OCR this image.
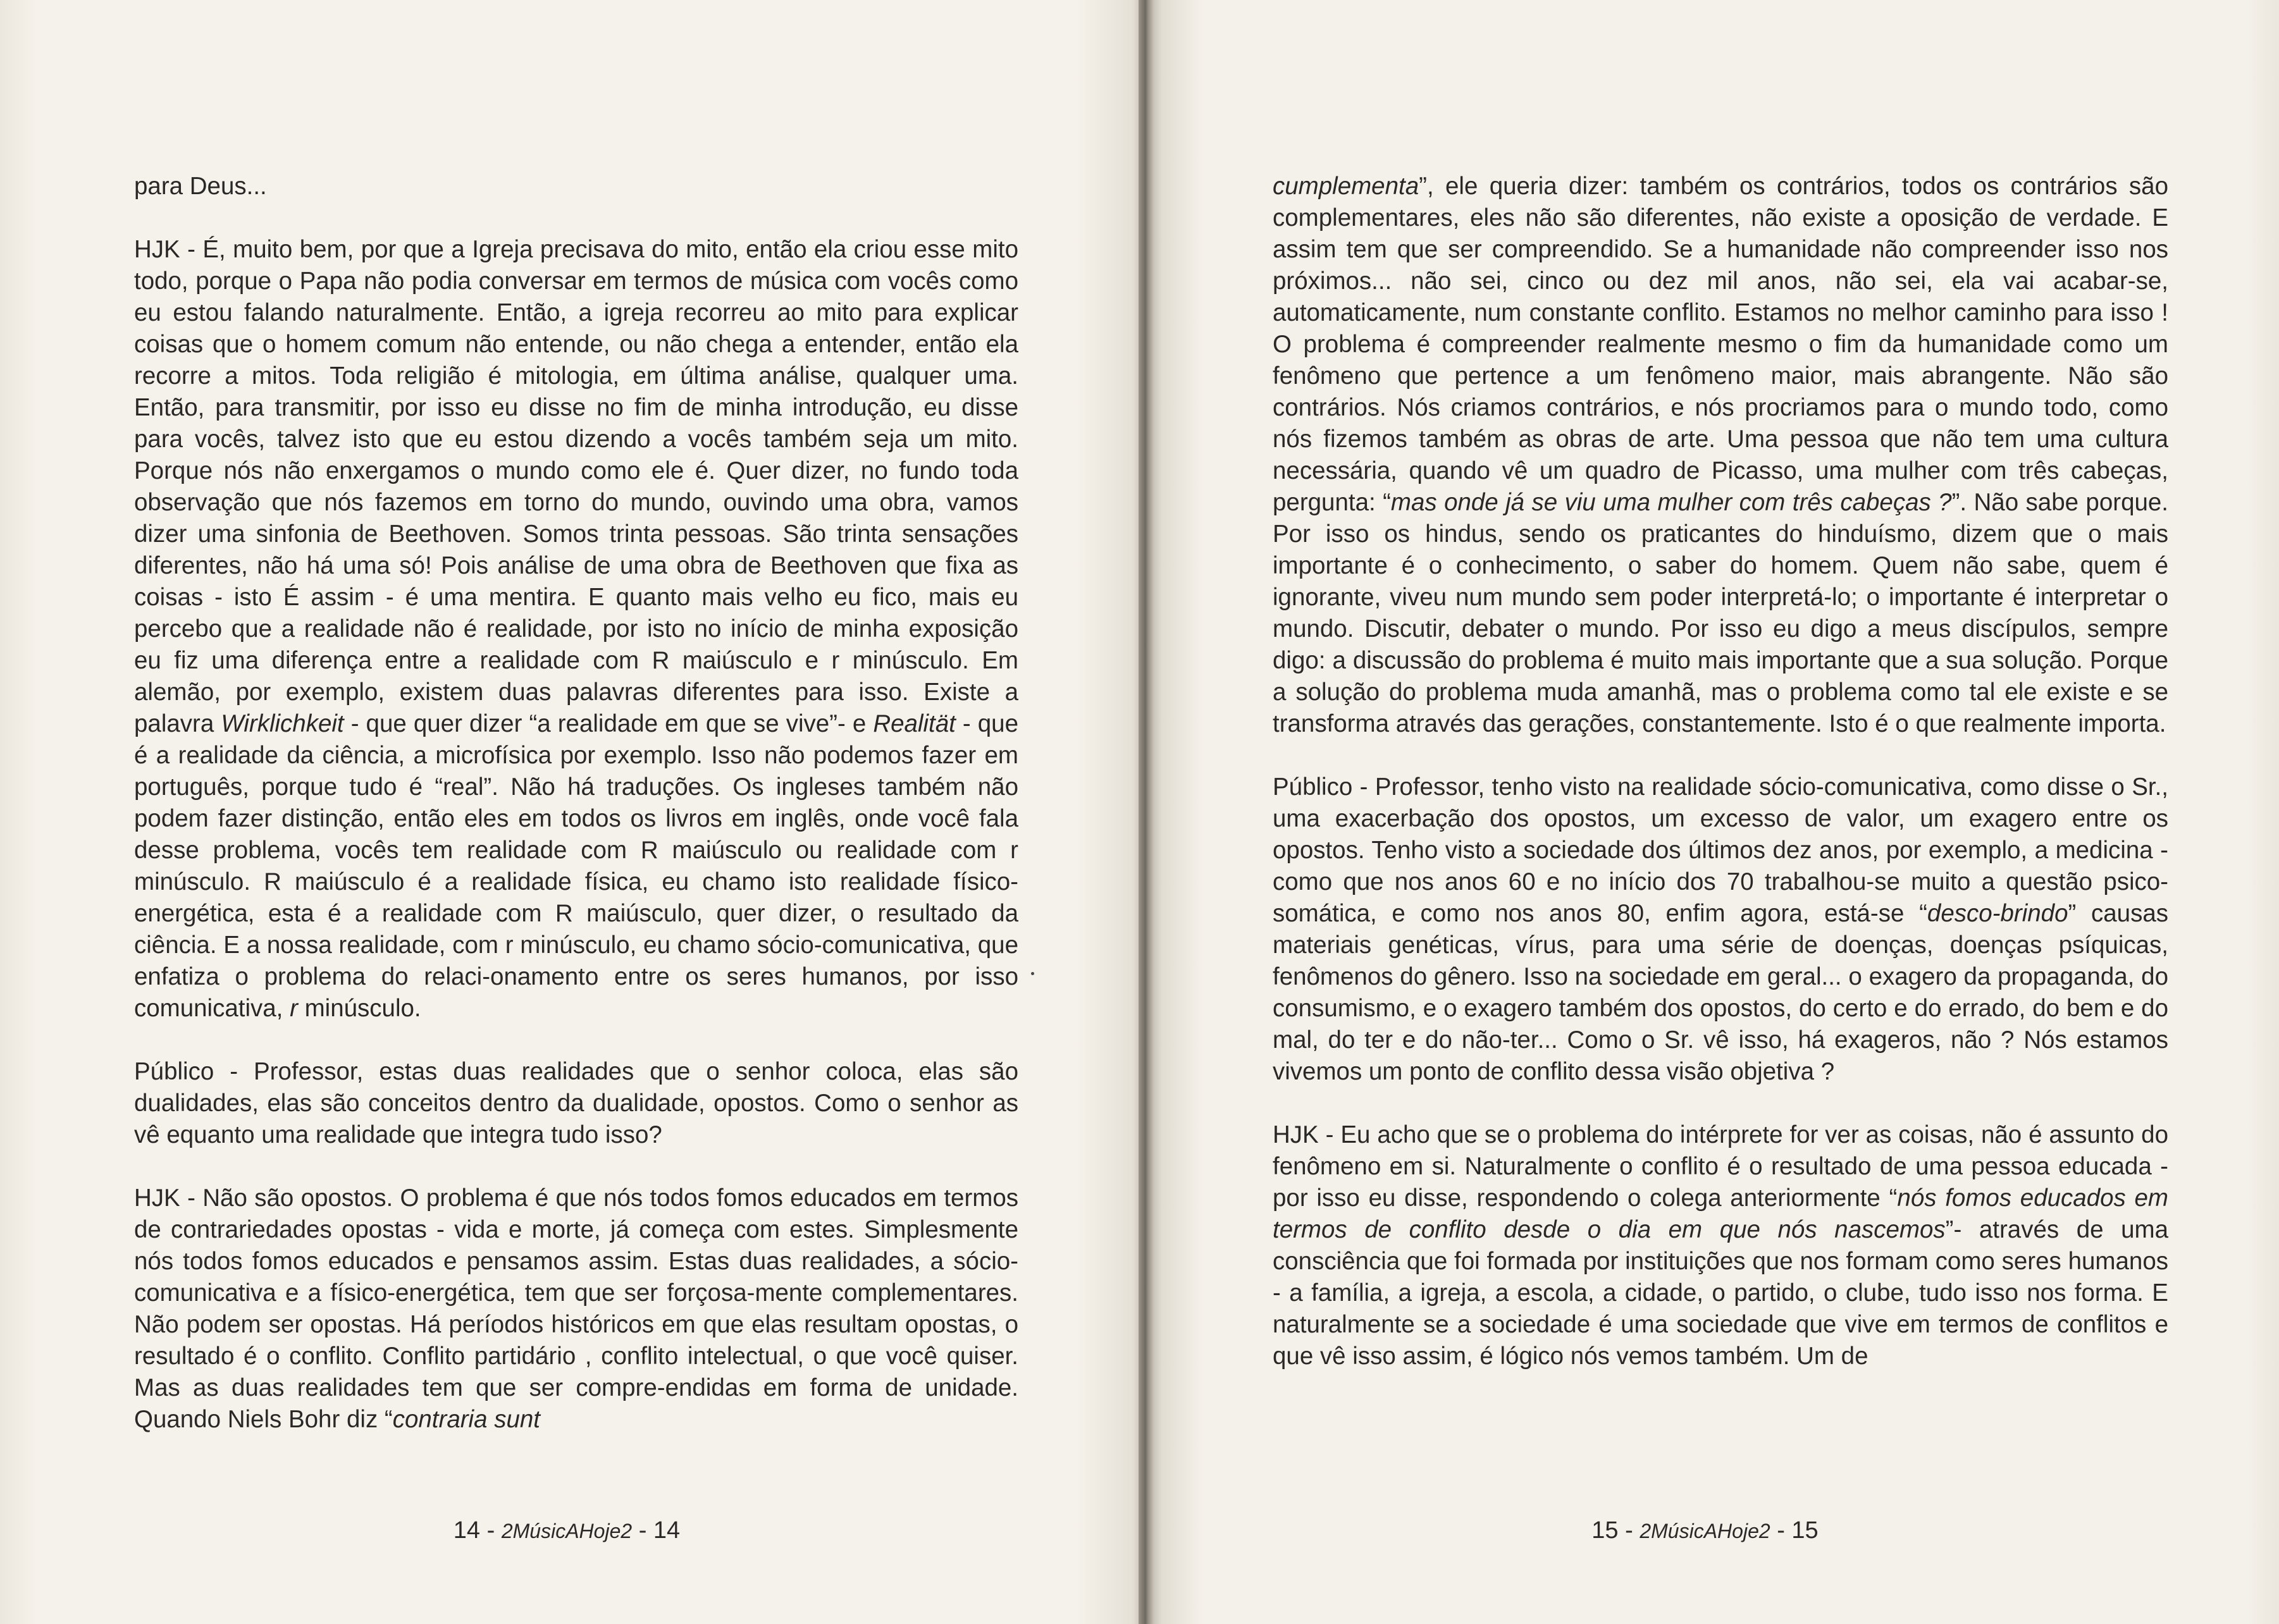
para Deus...

HJK - É, muito bem, por que a Igreja precisava do mito, então ela criou esse mito todo, porque o Papa não podia conversar em termos de música com vocês como eu estou falando naturalmente. Então, a igreja recorreu ao mito para explicar coisas que o homem comum não entende, ou não chega a entender, então ela recorre a mitos. Toda religião é mitologia, em última análise, qualquer uma. Então, para transmitir, por isso eu disse no fim de minha introdução, eu disse para vocês, talvez isto que eu estou dizendo a vocês também seja um mito. Porque nós não enxergamos o mundo como ele é. Quer dizer, no fundo toda observação que nós fazemos em torno do mundo, ouvindo uma obra, vamos dizer uma sinfonia de Beethoven. Somos trinta pessoas. São trinta sensações diferentes, não há uma só! Pois análise de uma obra de Beethoven que fixa as coisas - isto É assim - é uma mentira. E quanto mais velho eu fico, mais eu percebo que a realidade não é realidade, por isto no início de minha exposição eu fiz uma diferença entre a realidade com R maiúsculo e r minúsculo. Em alemão, por exemplo, existem duas palavras diferentes para isso. Existe a palavra Wirklichkeit - que quer dizer “a realidade em que se vive”- e Realität - que é a realidade da ciência, a microfísica por exemplo. Isso não podemos fazer em português, porque tudo é “real”. Não há traduções. Os ingleses também não podem fazer distinção, então eles em todos os livros em inglês, onde você fala desse problema, vocês tem realidade com R maiúsculo ou realidade com r minúsculo. R maiúsculo é a realidade física, eu chamo isto realidade físico-energética, esta é a realidade com R maiúsculo, quer dizer, o resultado da ciência. E a nossa realidade, com r minúsculo, eu chamo sócio-comunicativa, que enfatiza o problema do relaci-onamento entre os seres humanos, por isso comunicativa, r minúsculo.

Público - Professor, estas duas realidades que o senhor coloca, elas são dualidades, elas são conceitos dentro da dualidade, opostos. Como o senhor as vê equanto uma realidade que integra tudo isso?

HJK - Não são opostos. O problema é que nós todos fomos educados em termos de contrariedades opostas - vida e morte, já começa com estes. Simplesmente nós todos fomos educados e pensamos assim. Estas duas realidades, a sócio-comunicativa e a físico-energética, tem que ser forçosa-mente complementares. Não podem ser opostas. Há períodos históricos em que elas resultam opostas, o resultado é o conflito. Conflito partidário , conflito intelectual, o que você quiser. Mas as duas realidades tem que ser compre-endidas em forma de unidade. Quando Niels Bohr diz “contraria sunt

14 - 2MúsicAHoje2 - 14

cumplementa”, ele queria dizer: também os contrários, todos os contrários são complementares, eles não são diferentes, não existe a oposição de verdade. E assim tem que ser compreendido. Se a humanidade não compreender isso nos próximos... não sei, cinco ou dez mil anos, não sei, ela vai acabar-se, automaticamente, num constante conflito. Estamos no melhor caminho para isso ! O problema é compreender realmente mesmo o fim da humanidade como um fenômeno que pertence a um fenômeno maior, mais abrangente. Não são contrários. Nós criamos contrários, e nós procriamos para o mundo todo, como nós fizemos também as obras de arte. Uma pessoa que não tem uma cultura necessária, quando vê um quadro de Picasso, uma mulher com três cabeças, pergunta: “mas onde já se viu uma mulher com três cabeças ?”. Não sabe porque. Por isso os hindus, sendo os praticantes do hinduísmo, dizem que o mais importante é o conhecimento, o saber do homem. Quem não sabe, quem é ignorante, viveu num mundo sem poder interpretá-lo; o importante é interpretar o mundo. Discutir, debater o mundo. Por isso eu digo a meus discípulos, sempre digo: a discussão do problema é muito mais importante que a sua solução. Porque a solução do problema muda amanhã, mas o problema como tal ele existe e se transforma através das gerações, constantemente. Isto é o que realmente importa.

Público - Professor, tenho visto na realidade sócio-comunicativa, como disse o Sr., uma exacerbação dos opostos, um excesso de valor, um exagero entre os opostos. Tenho visto a sociedade dos últimos dez anos, por exemplo, a medicina - como que nos anos 60 e no início dos 70 trabalhou-se muito a questão psico-somática, e como nos anos 80, enfim agora, está-se “desco-brindo” causas materiais genéticas, vírus, para uma série de doenças, doenças psíquicas, fenômenos do gênero. Isso na sociedade em geral... o exagero da propaganda, do consumismo, e o exagero também dos opostos, do certo e do errado, do bem e do mal, do ter e do não-ter... Como o Sr. vê isso, há exageros, não ? Nós estamos vivemos um ponto de conflito dessa visão objetiva ?

HJK - Eu acho que se o problema do intérprete for ver as coisas, não é assunto do fenômeno em si. Naturalmente o conflito é o resultado de uma pessoa educada - por isso eu disse, respondendo o colega anteriormente “nós fomos educados em termos de conflito desde o dia em que nós nascemos”- através de uma consciência que foi formada por instituições que nos formam como seres humanos - a família, a igreja, a escola, a cidade, o partido, o clube, tudo isso nos forma. E naturalmente se a sociedade é uma sociedade que vive em termos de conflitos e que vê isso assim, é lógico nós vemos também. Um de

15 - 2MúsicAHoje2 - 15
